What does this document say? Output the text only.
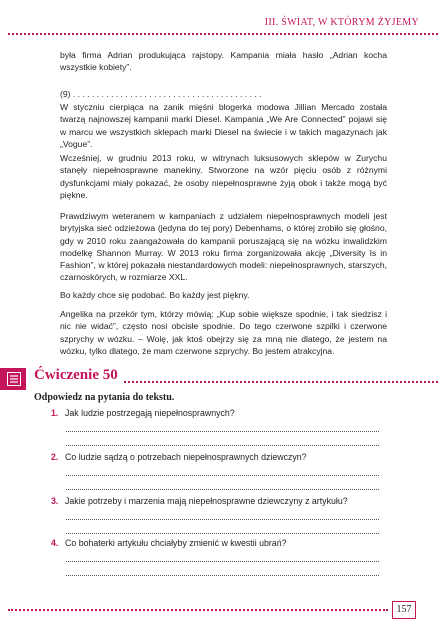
III. ŚWIAT, W KTÓRYM ŻYJEMY

była firma Adrian produkująca rajstopy. Kampania miała hasło „Adrian kocha wszystkie kobiety”.

(9) . . . . . . . . . . . . . . . . . . . . . . . . . . . . . . . . . . . . . . . .

W styczniu cierpiąca na zanik mięśni blogerka modowa Jillian Mercado została twarzą najnowszej kampanii marki Diesel. Kampania „We Are Connected” pojawi się w marcu we wszystkich sklepach marki Diesel na świecie i w takich magazynach jak „Vogue”.

Wcześniej, w grudniu 2013 roku, w witrynach luksusowych sklepów w Zurychu stanęły niepełnosprawne manekiny. Stworzone na wzór pięciu osób z różnymi dysfunkcjami miały pokazać, że osoby niepełnosprawne żyją obok i także mogą być piękne.

Prawdziwym weteranem w kampaniach z udziałem niepełnosprawnych modeli jest brytyjska sieć odzieżowa (jedyna do tej pory) Debenhams, o której zrobiło się głośno, gdy w 2010 roku zaangażowała do kampanii poruszającą się na wózku inwalidzkim modelkę Shannon Murray. W 2013 roku firma zorganizowała akcję „Diversity Is in Fashion”, w której pokazała niestandardowych modeli: niepełnosprawnych, starszych, czarnoskórych, w rozmiarze XXL.

Bo każdy chce się podobać. Bo każdy jest piękny.

Angelika na przekór tym, którzy mówią: „Kup sobie większe spodnie, i tak siedzisz i nic nie widać”, często nosi obcisłe spodnie. Do tego czerwone szpilki i czerwone szprychy w wózku. – Wolę, jak ktoś obejrzy się za mną nie dlatego, że jestem na wózku, tylko dlatego, że mam czerwone szprychy. Bo jestem atrakcyjna.

Ćwiczenie 50
Odpowiedz na pytania do tekstu.
1. Jak ludzie postrzegają niepełnosprawnych?
2. Co ludzie sądzą o potrzebach niepełnosprawnych dziewczyn?
3. Jakie potrzeby i marzenia mają niepełnosprawne dziewczyny z artykułu?
4. Co bohaterki artykułu chciałyby zmienić w kwestii ubrań?
157
